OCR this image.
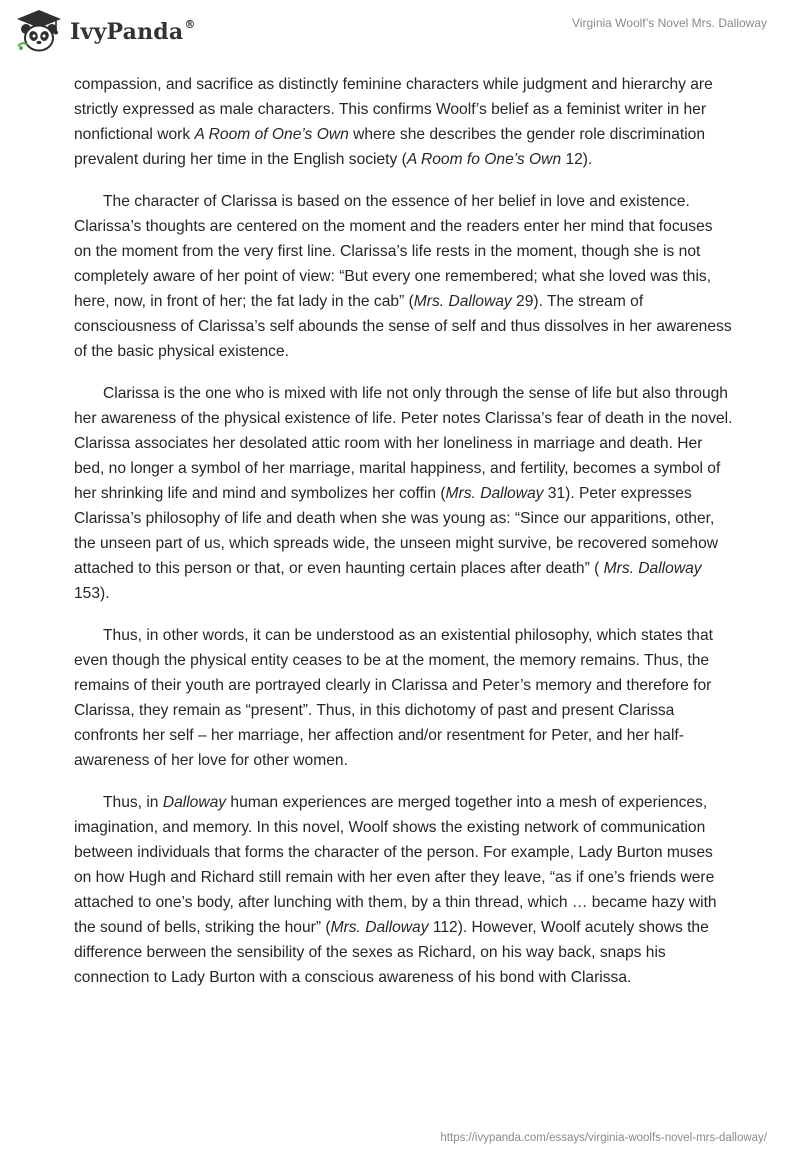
IvyPanda®	Virginia Woolf’s Novel Mrs. Dalloway

compassion, and sacrifice as distinctly feminine characters while judgment and hierarchy are strictly expressed as male characters. This confirms Woolf’s belief as a feminist writer in her nonfictional work A Room of One’s Own where she describes the gender role discrimination prevalent during her time in the English society (A Room fo One’s Own 12).

The character of Clarissa is based on the essence of her belief in love and existence. Clarissa’s thoughts are centered on the moment and the readers enter her mind that focuses on the moment from the very first line. Clarissa’s life rests in the moment, though she is not completely aware of her point of view: “But every one remembered; what she loved was this, here, now, in front of her; the fat lady in the cab” (Mrs. Dalloway 29). The stream of consciousness of Clarissa’s self abounds the sense of self and thus dissolves in her awareness of the basic physical existence.

Clarissa is the one who is mixed with life not only through the sense of life but also through her awareness of the physical existence of life. Peter notes Clarissa’s fear of death in the novel. Clarissa associates her desolated attic room with her loneliness in marriage and death. Her bed, no longer a symbol of her marriage, marital happiness, and fertility, becomes a symbol of her shrinking life and mind and symbolizes her coffin (Mrs. Dalloway 31). Peter expresses Clarissa’s philosophy of life and death when she was young as: “Since our apparitions, other, the unseen part of us, which spreads wide, the unseen might survive, be recovered somehow attached to this person or that, or even haunting certain places after death” ( Mrs. Dalloway 153).

Thus, in other words, it can be understood as an existential philosophy, which states that even though the physical entity ceases to be at the moment, the memory remains. Thus, the remains of their youth are portrayed clearly in Clarissa and Peter’s memory and therefore for Clarissa, they remain as “present”. Thus, in this dichotomy of past and present Clarissa confronts her self – her marriage, her affection and/or resentment for Peter, and her half-awareness of her love for other women.

Thus, in Dalloway human experiences are merged together into a mesh of experiences, imagination, and memory. In this novel, Woolf shows the existing network of communication between individuals that forms the character of the person. For example, Lady Burton muses on how Hugh and Richard still remain with her even after they leave, “as if one’s friends were attached to one’s body, after lunching with them, by a thin thread, which … became hazy with the sound of bells, striking the hour” (Mrs. Dalloway 112). However, Woolf acutely shows the difference berween the sensibility of the sexes as Richard, on his way back, snaps his connection to Lady Burton with a conscious awareness of his bond with Clarissa.

https://ivypanda.com/essays/virginia-woolfs-novel-mrs-dalloway/
